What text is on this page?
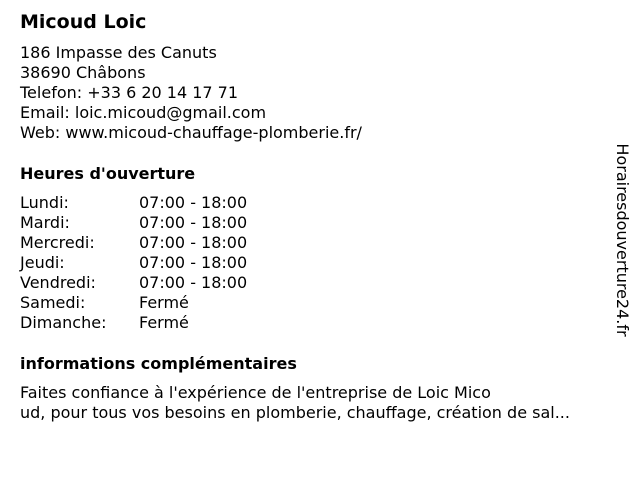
Micoud Loic
186 Impasse des Canuts
38690 Châbons
Telefon: +33 6 20 14 17 71
Email: loic.micoud@gmail.com
Web: www.micoud-chauffage-plomberie.fr/
Heures d'ouverture
Lundi:	07:00 - 18:00
Mardi:	07:00 - 18:00
Mercredi:	07:00 - 18:00
Jeudi:	07:00 - 18:00
Vendredi:	07:00 - 18:00
Samedi:	Fermé
Dimanche: Fermé
informations complémentaires
Faites confiance à l'expérience de l'entreprise de Loic Mico
ud, pour tous vos besoins en plomberie, chauffage, création de sal...
Horairesdouverture24.fr
